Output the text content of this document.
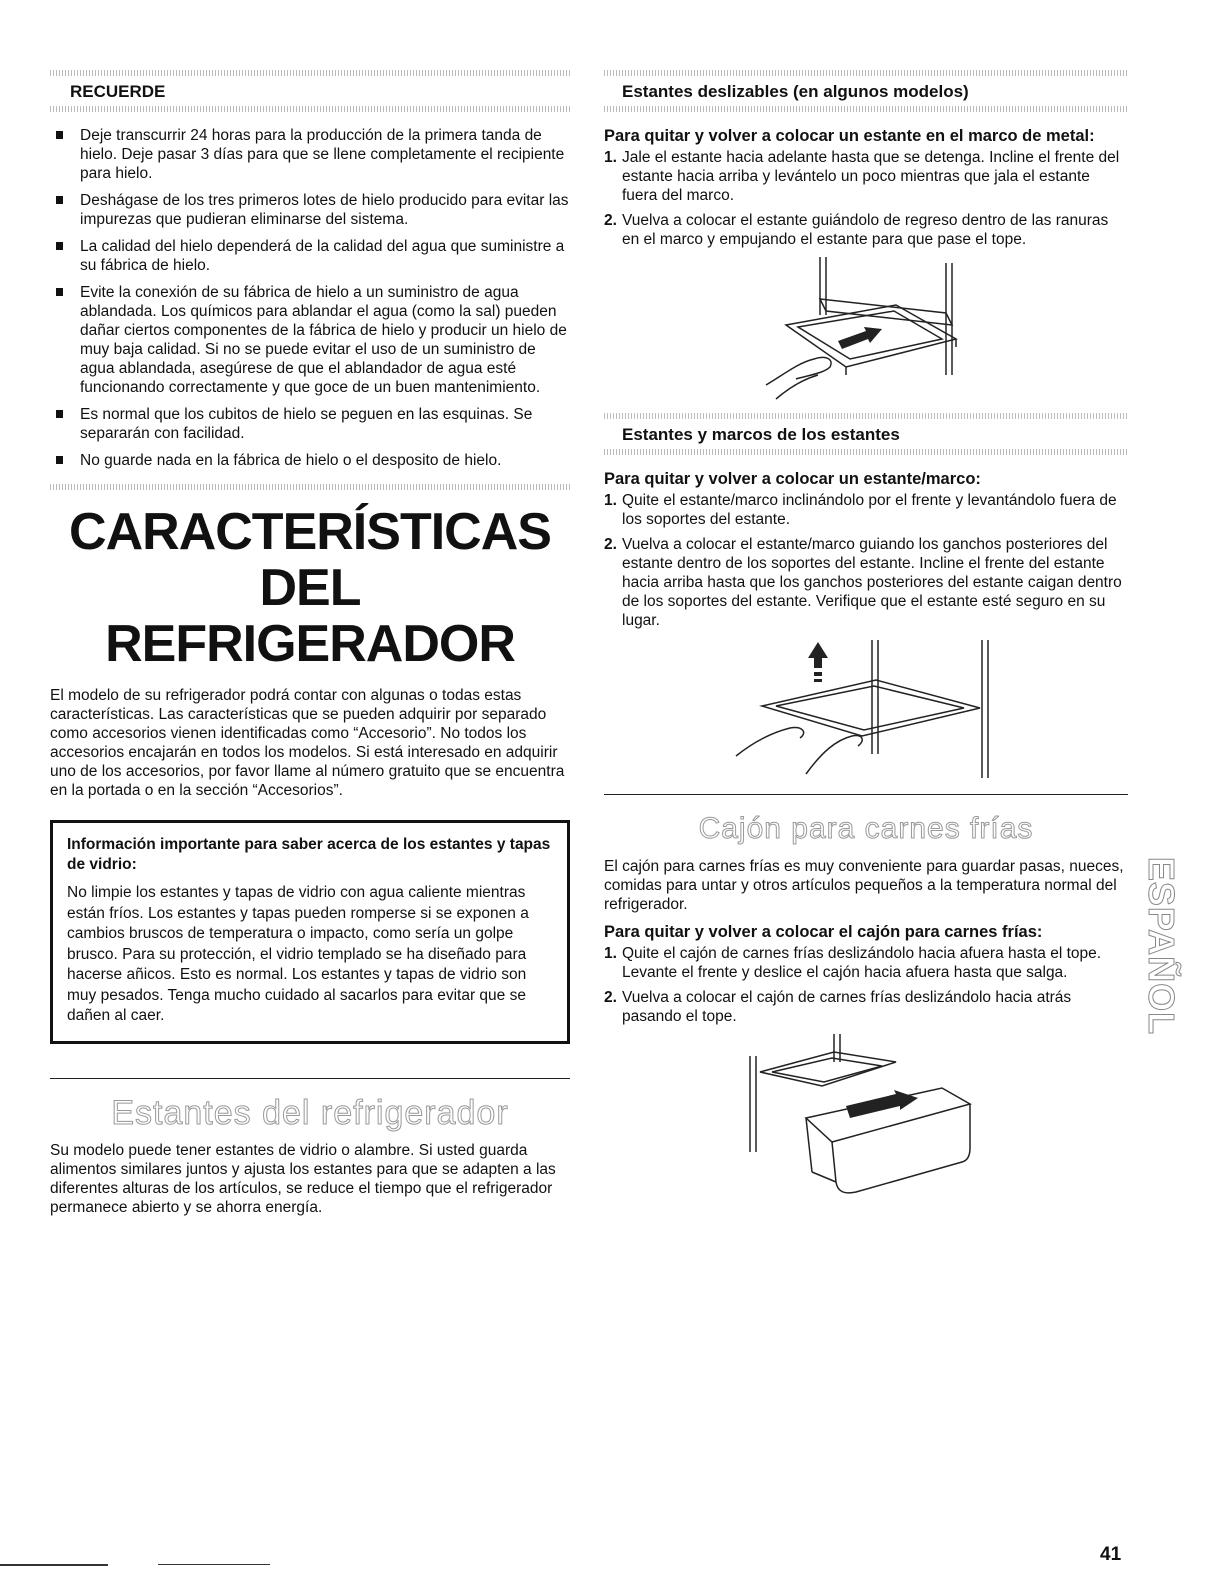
RECUERDE
Deje transcurrir 24 horas para la producción de la primera tanda de hielo. Deje pasar 3 días para que se llene completamente el recipiente para hielo.
Deshágase de los tres primeros lotes de hielo producido para evitar las impurezas que pudieran eliminarse del sistema.
La calidad del hielo dependerá de la calidad del agua que suministre a su fábrica de hielo.
Evite la conexión de su fábrica de hielo a un suministro de agua ablandada. Los químicos para ablandar el agua (como la sal) pueden dañar ciertos componentes de la fábrica de hielo y producir un hielo de muy baja calidad. Si no se puede evitar el uso de un suministro de agua ablandada, asegúrese de que el ablandador de agua esté funcionando correctamente y que goce de un buen mantenimiento.
Es normal que los cubitos de hielo se peguen en las esquinas. Se separarán con facilidad.
No guarde nada en la fábrica de hielo o el desposito de hielo.
CARACTERÍSTICAS DEL
REFRIGERADOR

El modelo de su refrigerador podrá contar con algunas o todas estas características. Las características que se pueden adquirir por separado como accesorios vienen identificadas como “Accesorio”. No todos los accesorios encajarán en todos los modelos. Si está interesado en adquirir uno de los accesorios, por favor llame al número gratuito que se encuentra en la portada o en la sección “Accesorios”.

Información importante para saber acerca de los estantes y tapas de vidrio:
No limpie los estantes y tapas de vidrio con agua caliente mientras están fríos. Los estantes y tapas pueden romperse si se exponen a cambios bruscos de temperatura o impacto, como sería un golpe brusco. Para su protección, el vidrio templado se ha diseñado para hacerse añicos. Esto es normal. Los estantes y tapas de vidrio son muy pesados. Tenga mucho cuidado al sacarlos para evitar que se dañen al caer.
Estantes del refrigerador

Su modelo puede tener estantes de vidrio o alambre. Si usted guarda alimentos similares juntos y ajusta los estantes para que se adapten a las diferentes alturas de los artículos, se reduce el tiempo que el refrigerador permanece abierto y se ahorra energía.

Estantes deslizables (en algunos modelos)
Para quitar y volver a colocar un estante en el marco de metal:
1. Jale el estante hacia adelante hasta que se detenga. Incline el frente del estante hacia arriba y levántelo un poco mientras que jala el estante fuera del marco.
2. Vuelva a colocar el estante guiándolo de regreso dentro de las ranuras en el marco y empujando el estante para que pase el tope.
Estantes y marcos de los estantes
Para quitar y volver a colocar un estante/marco:
1. Quite el estante/marco inclinándolo por el frente y levantándolo fuera de los soportes del estante.
2. Vuelva a colocar el estante/marco guiando los ganchos posteriores del estante dentro de los soportes del estante. Incline el frente del estante hacia arriba hasta que los ganchos posteriores del estante caigan dentro de los soportes del estante. Verifique que el estante esté seguro en su lugar.
Cajón para carnes frías

El cajón para carnes frías es muy conveniente para guardar pasas, nueces, comidas para untar y otros artículos pequeños a la temperatura normal del refrigerador.

Para quitar y volver a colocar el cajón para carnes frías:
1. Quite el cajón de carnes frías deslizándolo hacia afuera hasta el tope. Levante el frente y deslice el cajón hacia afuera hasta que salga.
2. Vuelva a colocar el cajón de carnes frías deslizándolo hacia atrás pasando el tope.	ESPAÑOL
41
